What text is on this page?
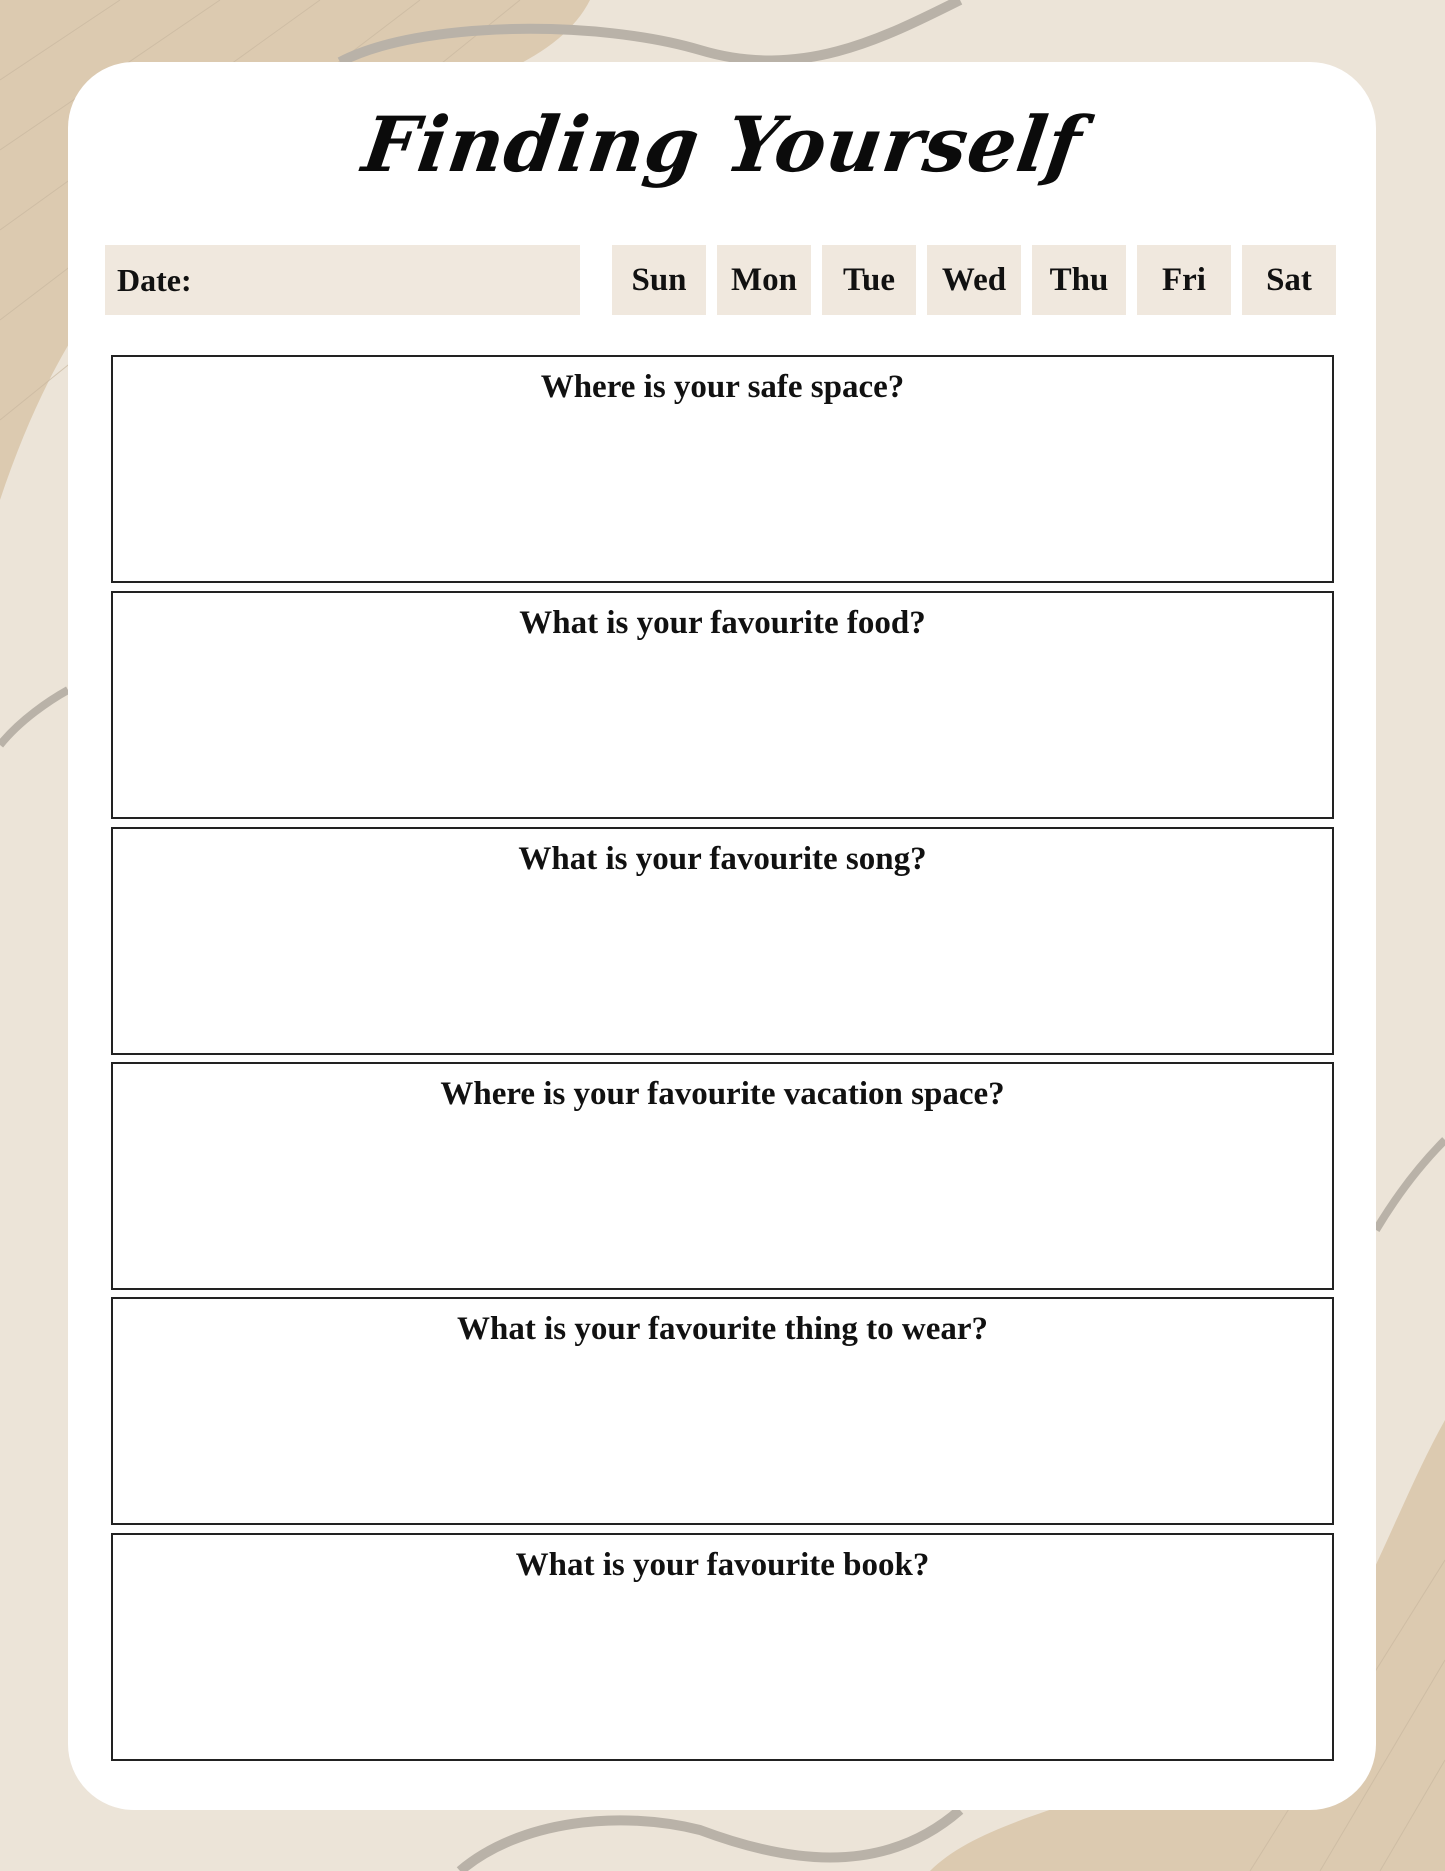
Finding Yourself
Date:	Sun	Mon	Tue	Wed	Thu	Fri	Sat
Where is your safe space?
What is your favourite food?
What is your favourite song?
Where is your favourite vacation space?
What is your favourite thing to wear?
What is your favourite book?
